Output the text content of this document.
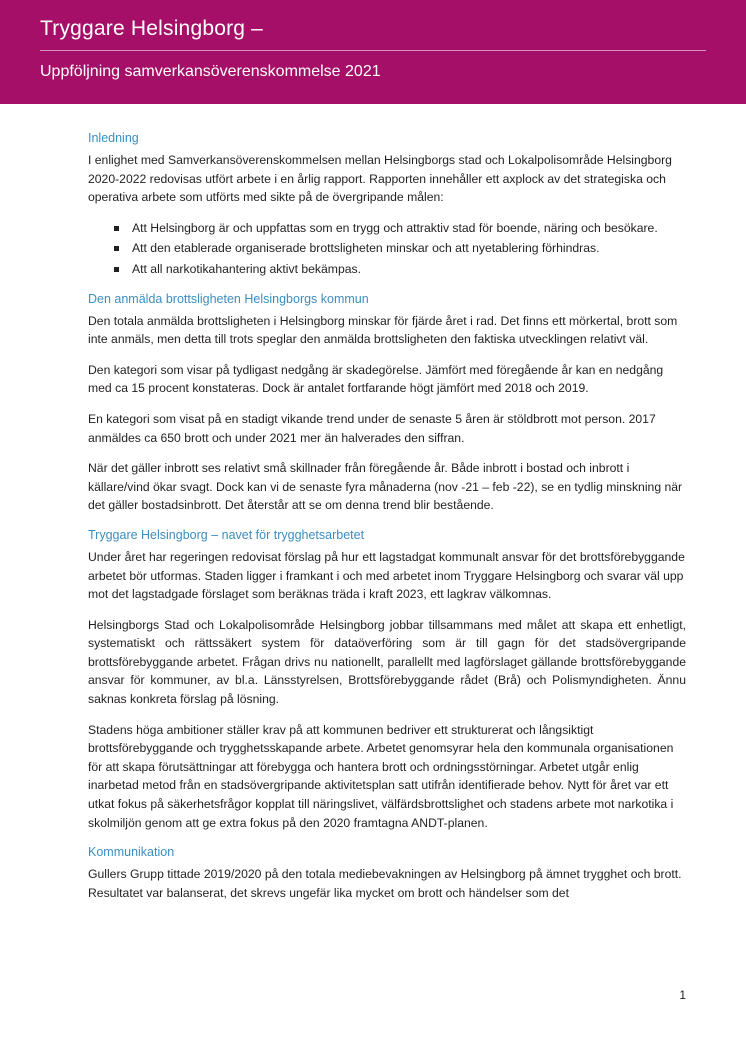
Tryggare Helsingborg –
Uppföljning samverkansöverenskommelse 2021
Inledning

I enlighet med Samverkansöverenskommelsen mellan Helsingborgs stad och Lokalpolisområde Helsingborg 2020-2022 redovisas utfört arbete i en årlig rapport. Rapporten innehåller ett axplock av det strategiska och operativa arbete som utförts med sikte på de övergripande målen:

Att Helsingborg är och uppfattas som en trygg och attraktiv stad för boende, näring och besökare.
Att den etablerade organiserade brottsligheten minskar och att nyetablering förhindras.
Att all narkotikahantering aktivt bekämpas.
Den anmälda brottsligheten Helsingborgs kommun

Den totala anmälda brottsligheten i Helsingborg minskar för fjärde året i rad. Det finns ett mörkertal, brott som inte anmäls, men detta till trots speglar den anmälda brottsligheten den faktiska utvecklingen relativt väl.

Den kategori som visar på tydligast nedgång är skadegörelse. Jämfört med föregående år kan en nedgång med ca 15 procent konstateras. Dock är antalet fortfarande högt jämfört med 2018 och 2019.

En kategori som visat på en stadigt vikande trend under de senaste 5 åren är stöldbrott mot person. 2017 anmäldes ca 650 brott och under 2021 mer än halverades den siffran.

När det gäller inbrott ses relativt små skillnader från föregående år. Både inbrott i bostad och inbrott i källare/vind ökar svagt. Dock kan vi de senaste fyra månaderna (nov -21 – feb -22), se en tydlig minskning när det gäller bostadsinbrott. Det återstår att se om denna trend blir bestående.

Tryggare Helsingborg – navet för trygghetsarbetet

Under året har regeringen redovisat förslag på hur ett lagstadgat kommunalt ansvar för det brottsförebyggande arbetet bör utformas. Staden ligger i framkant i och med arbetet inom Tryggare Helsingborg och svarar väl upp mot det lagstadgade förslaget som beräknas träda i kraft 2023, ett lagkrav välkomnas.

Helsingborgs Stad och Lokalpolisområde Helsingborg jobbar tillsammans med målet att skapa ett enhetligt, systematiskt och rättssäkert system för dataöverföring som är till gagn för det stadsövergripande brottsförebyggande arbetet. Frågan drivs nu nationellt, parallellt med lagförslaget gällande brottsförebyggande ansvar för kommuner, av bl.a. Länsstyrelsen, Brottsförebyggande rådet (Brå) och Polismyndigheten. Ännu saknas konkreta förslag på lösning.

Stadens höga ambitioner ställer krav på att kommunen bedriver ett strukturerat och långsiktigt brottsförebyggande och trygghetsskapande arbete. Arbetet genomsyrar hela den kommunala organisationen för att skapa förutsättningar att förebygga och hantera brott och ordningsstörningar. Arbetet utgår enlig inarbetad metod från en stadsövergripande aktivitetsplan satt utifrån identifierade behov. Nytt för året var ett utkat fokus på säkerhetsfrågor kopplat till näringslivet, välfärdsbrottslighet och stadens arbete mot narkotika i skolmiljön genom att ge extra fokus på den 2020 framtagna ANDT-planen.

Kommunikation

Gullers Grupp tittade 2019/2020 på den totala mediebevakningen av Helsingborg på ämnet trygghet och brott. Resultatet var balanserat, det skrevs ungefär lika mycket om brott och händelser som det

1
